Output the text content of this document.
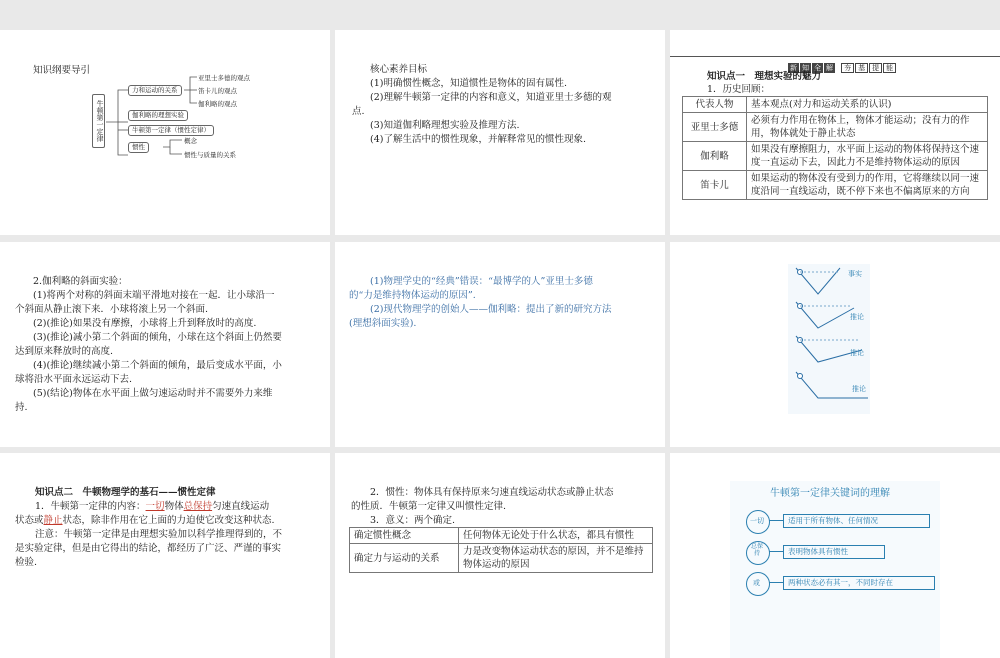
知识纲要导引
牛顿第一定律
力和运动的关系
亚里士多德的观点
笛卡儿的观点
伽利略的观点
伽利略的理想实验
牛顿第一定律（惯性定律）
惯性
概念
惯性与质量的关系
核心素养目标
(1)明确惯性概念，知道惯性是物体的固有属性.
(2)理解牛顿第一定律的内容和意义，知道亚里士多德的观
点.
(3)知道伽利略理想实验及推理方法.
(4)了解生活中的惯性现象，并解释常见的惯性现象.
新 知 全 解 夯 基 提 能
知识点一　理想实验的魅力
1．历史回顾：
代表人物	基本观点(对力和运动关系的认识)
亚里士多德	必须有力作用在物体上，物体才能运动；没有力的作用，物体就处于静止状态
伽利略	如果没有摩擦阻力，水平面上运动的物体将保持这个速度一直运动下去，因此力不是维持物体运动的原因
笛卡儿	如果运动的物体没有受到力的作用，它将继续以同一速度沿同一直线运动，既不停下来也不偏离原来的方向
2.伽利略的斜面实验：
(1)将两个对称的斜面末端平滑地对接在一起．让小球沿一
个斜面从静止滚下来．小球将滚上另一个斜面.
(2)(推论)如果没有摩擦，小球将上升到释放时的高度.
(3)(推论)减小第二个斜面的倾角，小球在这个斜面上仍然要
达到原来释放时的高度.
(4)(推论)继续减小第二个斜面的倾角，最后变成水平面，小
球将沿水平面永远运动下去.
(5)(结论)物体在水平面上做匀速运动时并不需要外力来维
持.
(1)物理学史的“经典”错误：“最博学的人”亚里士多德
的“力是维持物体运动的原因”.
(2)现代物理学的创始人——伽利略：提出了新的研究方法
(理想斜面实验).
事实
推论
推论
推论
知识点二　牛顿物理学的基石——惯性定律
1．牛顿第一定律的内容：一切物体总保持匀速直线运动
状态或静止状态，除非作用在它上面的力迫使它改变这种状态.
注意：牛顿第一定律是由理想实验加以科学推理得到的，不
是实验定律，但是由它得出的结论，都经历了广泛、严谨的事实
检验.
2．惯性：物体具有保持原来匀速直线运动状态或静止状态
的性质．牛顿第一定律又叫惯性定律.
3．意义：两个确定.
确定惯性概念	任何物体无论处于什么状态，都具有惯性
确定力与运动的关系	力是改变物体运动状态的原因，并不是维持物体运动的原因
牛顿第一定律关键词的理解
一切	适用于所有物体、任何情况
总保持	表明物体具有惯性
或	两种状态必有其一，不同时存在
